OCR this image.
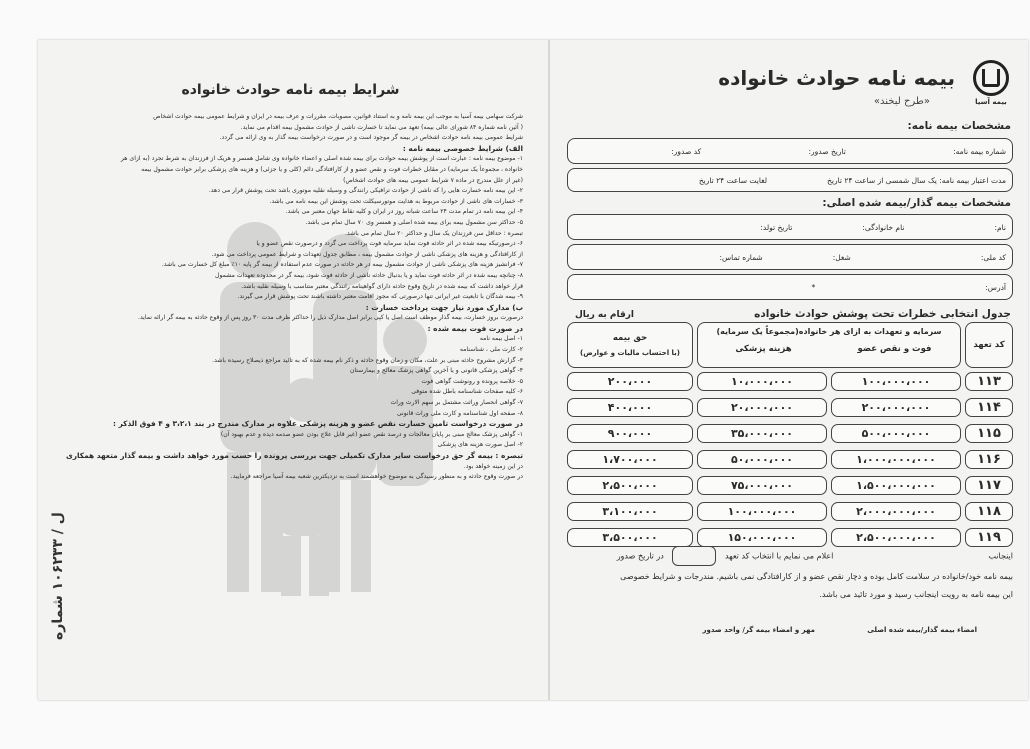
شرایط بیمه نامه حوادث خانواده

شرکت سهامی بیمه آسیا به موجب این بیمه نامه و به استناد قوانین، مصوبات، مقررات و عرف بیمه در ایران و شرایط عمومی بیمه حوادث اشخاص

( آئین نامه شماره ۸۴ شورای عالی بیمه) تعهد می نماید تا خسارت ناشی از حوادث مشمول بیمه اقدام می نماید.

شرایط عمومی بیمه نامه حوادث اشخاص در بیمه گر موجود است و در صورت درخواست بیمه گذار به وی ارائه می گردد.

الف) شرایط خصوصی بیمه نامه :

۱- موضوع بیمه نامه : عبارت است از پوشش بیمه حوادث برای بیمه شده اصلی و اعضاء خانواده وی شامل همسر و هریک از فرزندان به شرط تجرد (به ازای هر

خانواده ، مجموعاً یک سرمایه) در مقابل خطرات فوت و نقص عضو و از کارافتادگی دائم (کلی و یا جزئی) و هزینه های پزشکی برابر حوادث مشمول بیمه

(غیر از علل مندرج در ماده ۷ شرایط عمومی بیمه های حوادث اشخاص)

۲- این بیمه نامه خسارت هایی را که ناشی از حوادث ترافیکی رانندگی و وسیله نقلیه موتوری باشد تحت پوشش قرار می دهد.

۳- خسارات های ناشی از حوادث مربوط به هدایت موتورسیکلت تحت پوشش این بیمه نامه می باشد.

۴- این بیمه نامه در تمام مدت ۲۴ ساعت شبانه روز در ایران و کلیه نقاط جهان معتبر می باشد.

۵- حداکثر سن مشمول بیمه برای بیمه شده اصلی و همسر وی ۷۰ سال تمام می باشد.

تبصره : حداقل سن فرزندان یک سال و حداکثر ۲۰ سال تمام می باشد.

۶- درصورتیکه بیمه شده در اثر حادثه فوت نماید سرمایه فوت پرداخت می گردد و درصورت نقص عضو و یا

از کارافتادگی و هزینه های پزشکی ناشی از حوادث مشمول بیمه ، مطابق جدول تعهدات و شرایط عمومی پرداخت می شود.

۷- فرانشیز هزینه های پزشکی ناشی از حوادث مشمول بیمه در هر حادثه در صورت عدم استفاده از بیمه گر پایه ۱۰٪ مبلغ کل خسارت می باشد.

۸- چنانچه بیمه شده در اثر حادثه فوت نماید و یا بدنبال حادثه ناشی از حادثه فوت شود، بیمه گر در محدوده تعهدات مشمول

قرار خواهد داشت که بیمه شده در تاریخ وقوع حادثه دارای گواهینامه رانندگی معتبر متناسب با وسیله نقلیه باشد.

۹- بیمه شدگان با تابعیت غیر ایرانی تنها درصورتی که مجوز اقامت معتبر داشته باشند تحت پوشش قرار می گیرند.

ب) مدارک مورد نیاز جهت پرداخت خسارت :

درصورت بروز خسارت، بیمه گذار موظف است اصل یا کپی برابر اصل مدارک ذیل را حداکثر ظرف مدت ۳۰ روز پس از وقوع حادثه به بیمه گر ارائه نماید.

در صورت فوت بیمه شده :

۱- اصل بیمه نامه

۲- کارت ملی ، شناسنامه

۳- گزارش مشروح حادثه مبنی بر علت، مکان و زمان وقوع حادثه و ذکر نام بیمه شده که به تائید مراجع ذیصلاح رسیده باشد.

۴- گواهی پزشکی قانونی و یا آخرین گواهی پزشک معالج و بیمارستان

۵- خلاصه پرونده و رونوشت گواهی فوت

۶- کلیه صفحات شناسنامه باطل شده متوفی

۷- گواهی انحصار وراثت مشتمل بر سهم الارث وراث

۸- صفحه اول شناسنامه و کارت ملی وراث قانونی

در صورت درخواست تامین خسارت نقص عضو و هزینه پزشکی علاوه بر مدارک مندرج در بند ۳،۲،۱ و ۴ فوق الذکر :

۱- گواهی پزشک معالج مبنی بر پایان معالجات و درصد نقص عضو (غیر قابل علاج بودن عضو صدمه دیده و عدم بهبود آن)

۲- اصل صورت هزینه های پزشکی

تبصره : بیمه گر حق درخواست سایر مدارک تکمیلی جهت بررسی پرونده را حسب مورد خواهد داشت و بیمه گذار متعهد همکاری

در این زمینه خواهد بود.

در صورت وقوع حادثه و به منظور رسیدگی به موضوع خواهشمند است به نزدیکترین شعبه بیمه آسیا مراجعه فرمایید.

ل / ۱۰۶۲۳۳ شماره
بیمه آسیا
بیمه نامه حوادث خانواده
«طرح لبخند»
مشخصات بیمه نامه:
شماره بیمه نامه:
تاریخ صدور:
کد صدور:
مدت اعتبار بیمه نامه: یک سال شمسی از ساعت ۲۴ تاریخ
لغایت ساعت ۲۴ تاریخ
مشخصات بیمه گذار/بیمه شده اصلی:
نام:
نام خانوادگی:
تاریخ تولد:
کد ملی:
شغل:
شماره تماس:
آدرس:
*
جدول انتخابی خطرات تحت پوشش حوادث خانواده
ارقام به ریال
کد تعهد
سرمایه و تعهدات به ازای هر خانواده(مجموعاً یک سرمایه)
فوت و نقص عضو
هزینه پزشکی
حق بیمه
(با احتساب مالیات و عوارض)
۱۱۳
۱۰۰،۰۰۰،۰۰۰
۱۰،۰۰۰،۰۰۰
۲۰۰،۰۰۰
۱۱۴
۲۰۰،۰۰۰،۰۰۰
۲۰،۰۰۰،۰۰۰
۴۰۰،۰۰۰
۱۱۵
۵۰۰،۰۰۰،۰۰۰
۳۵،۰۰۰،۰۰۰
۹۰۰،۰۰۰
۱۱۶
۱،۰۰۰،۰۰۰،۰۰۰
۵۰،۰۰۰،۰۰۰
۱،۷۰۰،۰۰۰
۱۱۷
۱،۵۰۰،۰۰۰،۰۰۰
۷۵،۰۰۰،۰۰۰
۲،۵۰۰،۰۰۰
۱۱۸
۲،۰۰۰،۰۰۰،۰۰۰
۱۰۰،۰۰۰،۰۰۰
۳،۱۰۰،۰۰۰
۱۱۹
۲،۵۰۰،۰۰۰،۰۰۰
۱۵۰،۰۰۰،۰۰۰
۳،۵۰۰،۰۰۰
اینجانب  اعلام می نمایم با انتخاب کد تعهد  در تاریخ صدور
بیمه نامه خود/خانواده در سلامت کامل بوده و دچار نقص عضو و از کارافتادگی نمی باشیم. مندرجات و شرایط خصوصی
این بیمه نامه به رویت اینجانب رسید و مورد تائید می باشد.
امضاء بیمه گذار/بیمه شده اصلی
مهر و امضاء بیمه گر/ واحد صدور
